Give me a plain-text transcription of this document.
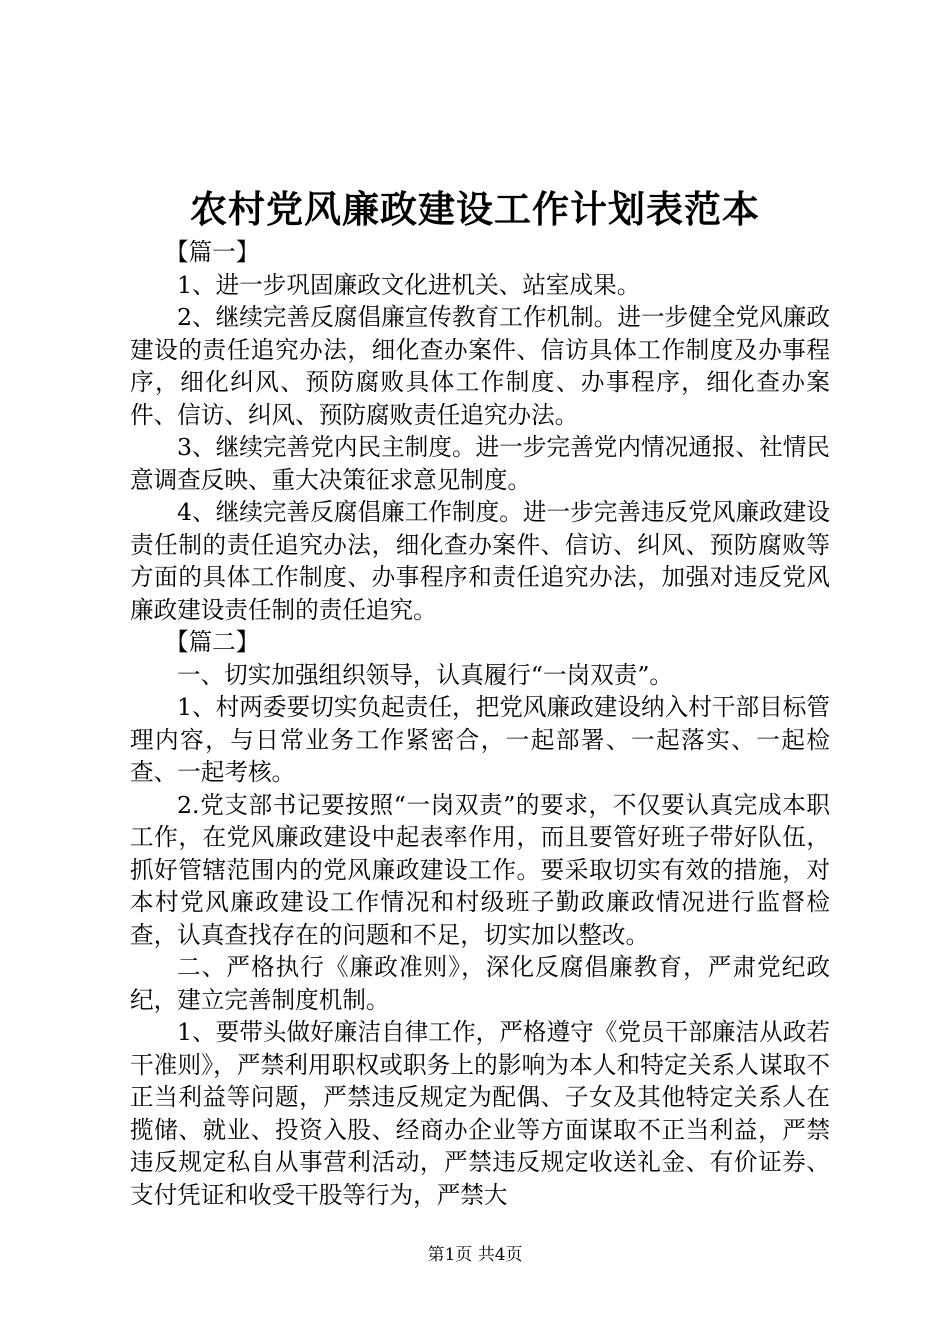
农村党风廉政建设工作计划表范本

【篇一】

1、进一步巩固廉政文化进机关、站室成果。

2、继续完善反腐倡廉宣传教育工作机制。进一步健全党风廉政建设的责任追究办法，细化查办案件、信访具体工作制度及办事程序，细化纠风、预防腐败具体工作制度、办事程序，细化查办案件、信访、纠风、预防腐败责任追究办法。

3、继续完善党内民主制度。进一步完善党内情况通报、社情民意调查反映、重大决策征求意见制度。

4、继续完善反腐倡廉工作制度。进一步完善违反党风廉政建设责任制的责任追究办法，细化查办案件、信访、纠风、预防腐败等方面的具体工作制度、办事程序和责任追究办法，加强对违反党风廉政建设责任制的责任追究。

【篇二】

一、切实加强组织领导，认真履行“一岗双责”。

1、村两委要切实负起责任，把党风廉政建设纳入村干部目标管理内容，与日常业务工作紧密合，一起部署、一起落实、一起检查、一起考核。

2.党支部书记要按照“一岗双责”的要求，不仅要认真完成本职工作，在党风廉政建设中起表率作用，而且要管好班子带好队伍，抓好管辖范围内的党风廉政建设工作。要采取切实有效的措施，对本村党风廉政建设工作情况和村级班子勤政廉政情况进行监督检查，认真查找存在的问题和不足，切实加以整改。

二、严格执行《廉政准则》，深化反腐倡廉教育，严肃党纪政纪，建立完善制度机制。

1、要带头做好廉洁自律工作，严格遵守《党员干部廉洁从政若干准则》，严禁利用职权或职务上的影响为本人和特定关系人谋取不正当利益等问题，严禁违反规定为配偶、子女及其他特定关系人在揽储、就业、投资入股、经商办企业等方面谋取不正当利益，严禁违反规定私自从事营利活动，严禁违反规定收送礼金、有价证券、支付凭证和收受干股等行为，严禁大

第1页 共4页
